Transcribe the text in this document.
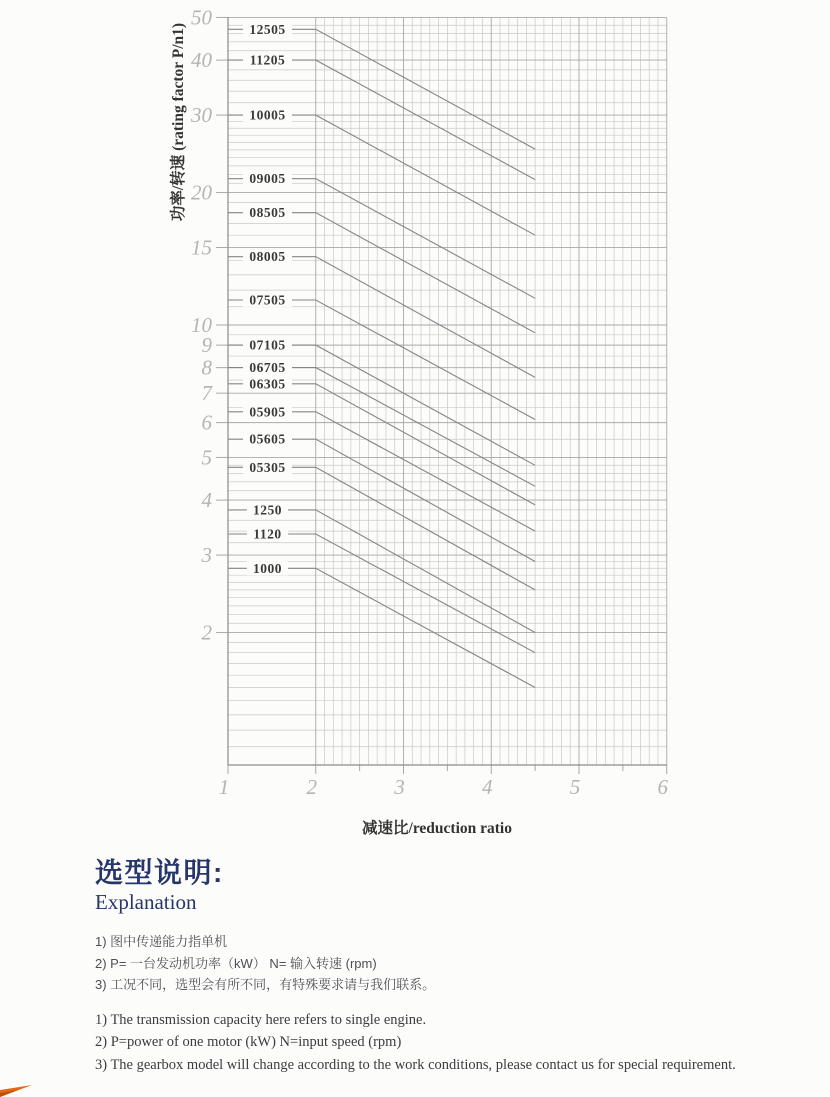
2
3
4
5
6
7
8
9
10
15
20
30
40
50
1	2	3	4	5	6
12505
11205
10005
09005
08505
08005
07505
07105
06705
06305
05905
05605
05305
1250
1120
1000
功率/转速 (rating factor P/n1)
减速比/reduction ratio
选型说明:
Explanation

1) 图中传递能力指单机

2) P= 一台发动机功率（kW） N= 输入转速 (rpm)

3) 工况不同，选型会有所不同，有特殊要求请与我们联系。

1) The transmission capacity here refers to single engine.

2) P=power of one motor (kW) N=input speed (rpm)

3) The gearbox model will change according to the work conditions, please contact us for special requirement.
